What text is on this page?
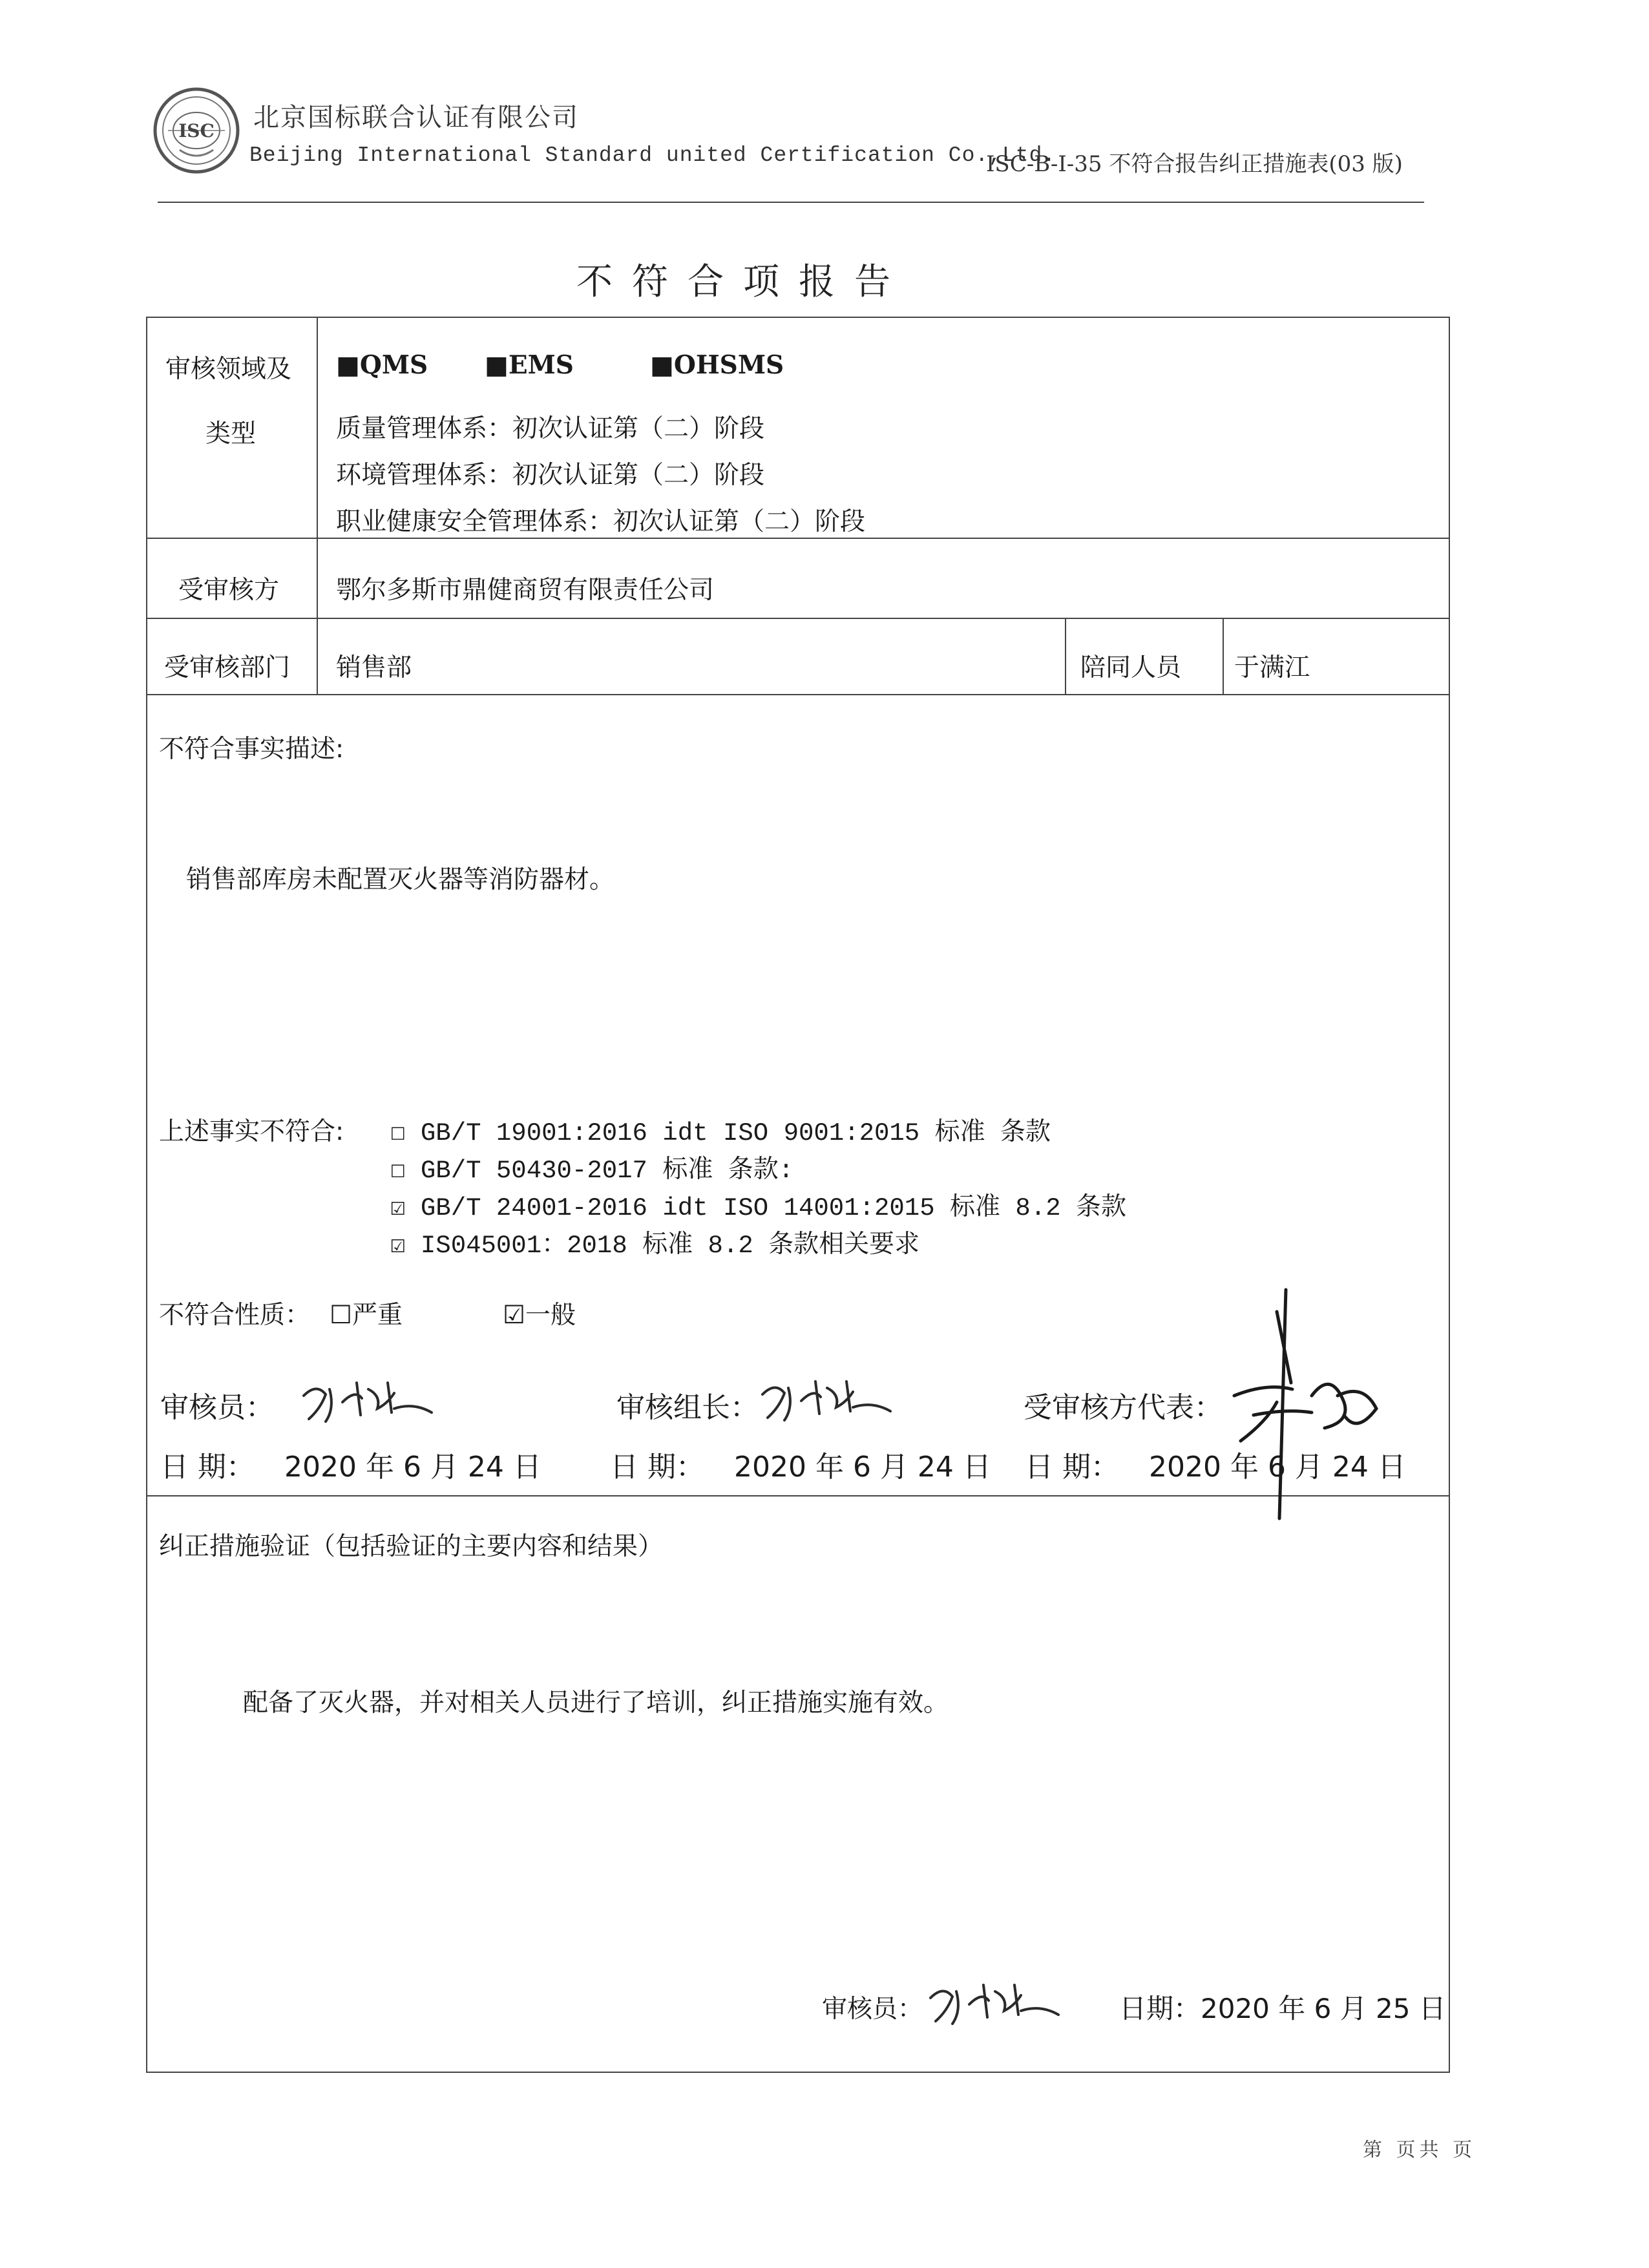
ISC 北京国标联合认证有限公司
Beijing International Standard united Certification Co.,Ltd.
ISC-B-I-35 不符合报告纠正措施表(03 版)
不符合项报告
审核领域及
类型
■QMS ■EMS	■OHSMS
质量管理体系：初次认证第（二）阶段
环境管理体系：初次认证第（二）阶段
职业健康安全管理体系：初次认证第（二）阶段
受审核方 鄂尔多斯市鼎健商贸有限责任公司
受审核部门 销售部	陪同人员 于满江
不符合事实描述:
销售部库房未配置灭火器等消防器材。
上述事实不符合: ☐ GB/T 19001:2016 idt ISO 9001:2015 标准 条款
☐ GB/T 50430-2017 标准 条款:
☑ GB/T 24001-2016 idt ISO 14001:2015 标准 8.2 条款
☑ IS045001：2018 标准 8.2 条款相关要求
不符合性质： ☐严重	☑一般
审核员：	审核组长：	受审核方代表：
日 期： 2020 年 6 月 24 日 日 期： 2020 年 6 月 24 日 日 期： 2020 年 6 月 24 日
纠正措施验证（包括验证的主要内容和结果）
配备了灭火器，并对相关人员进行了培训，纠正措施实施有效。
审核员：	日期：2020 年 6 月 25 日
第 页共 页
